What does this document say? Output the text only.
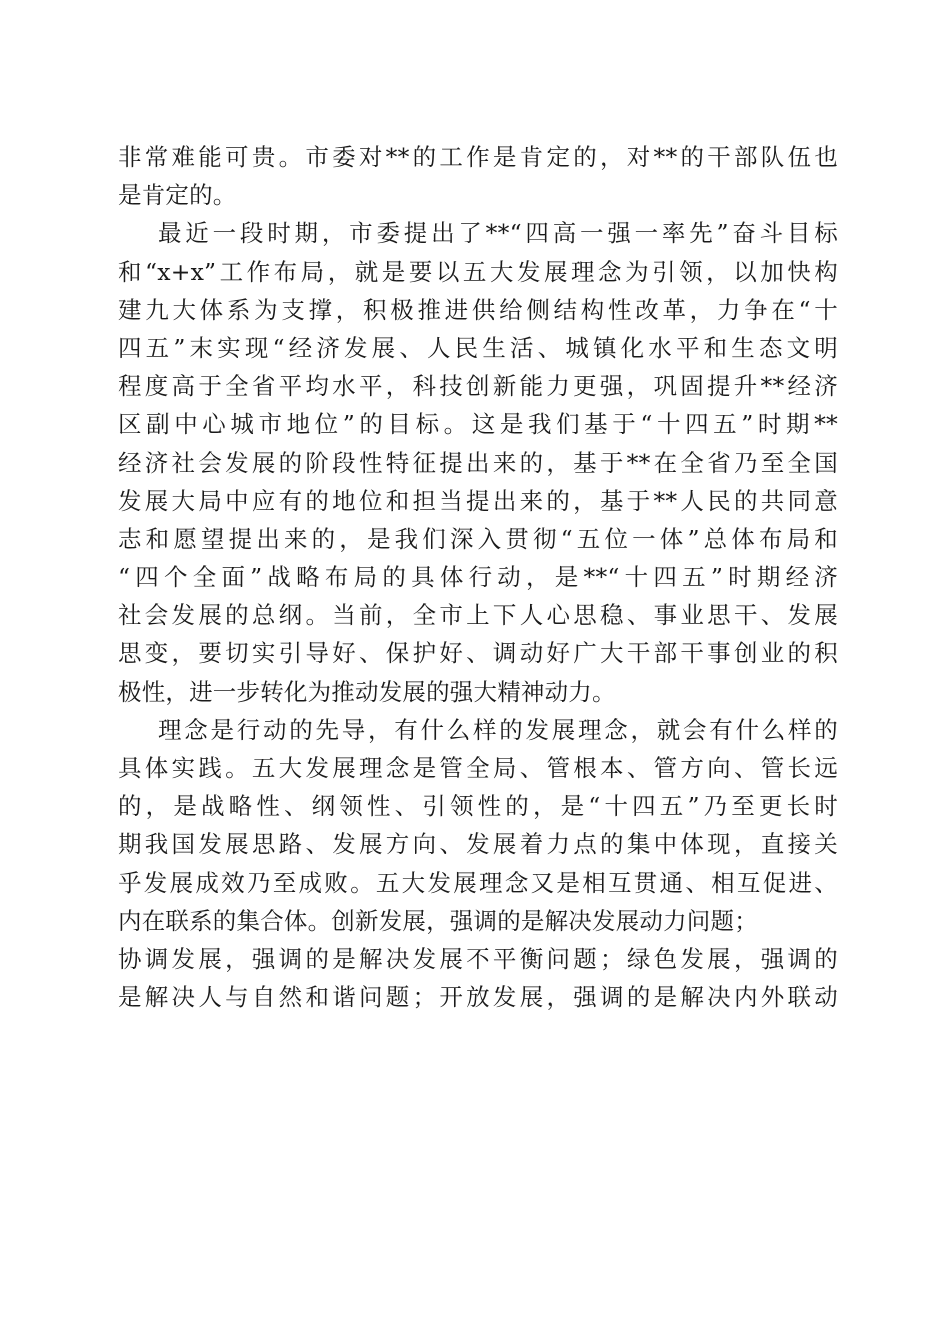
非常难能可贵。市委对**的工作是肯定的，对**的干部队伍也
是肯定的。
最近一段时期，市委提出了**“四高一强一率先”奋斗目标
和“x+x”工作布局，就是要以五大发展理念为引领，以加快构
建九大体系为支撑，积极推进供给侧结构性改革，力争在“十
四五”末实现“经济发展、人民生活、城镇化水平和生态文明
程度高于全省平均水平，科技创新能力更强，巩固提升**经济
区副中心城市地位”的目标。这是我们基于“十四五”时期**
经济社会发展的阶段性特征提出来的，基于**在全省乃至全国
发展大局中应有的地位和担当提出来的，基于**人民的共同意
志和愿望提出来的，是我们深入贯彻“五位一体”总体布局和
“四个全面”战略布局的具体行动，是**“十四五”时期经济
社会发展的总纲。当前，全市上下人心思稳、事业思干、发展
思变，要切实引导好、保护好、调动好广大干部干事创业的积
极性，进一步转化为推动发展的强大精神动力。
理念是行动的先导，有什么样的发展理念，就会有什么样的
具体实践。五大发展理念是管全局、管根本、管方向、管长远
的，是战略性、纲领性、引领性的，是“十四五”乃至更长时
期我国发展思路、发展方向、发展着力点的集中体现，直接关
乎发展成效乃至成败。五大发展理念又是相互贯通、相互促进、
内在联系的集合体。创新发展，强调的是解决发展动力问题；
协调发展，强调的是解决发展不平衡问题；绿色发展，强调的
是解决人与自然和谐问题；开放发展，强调的是解决内外联动
